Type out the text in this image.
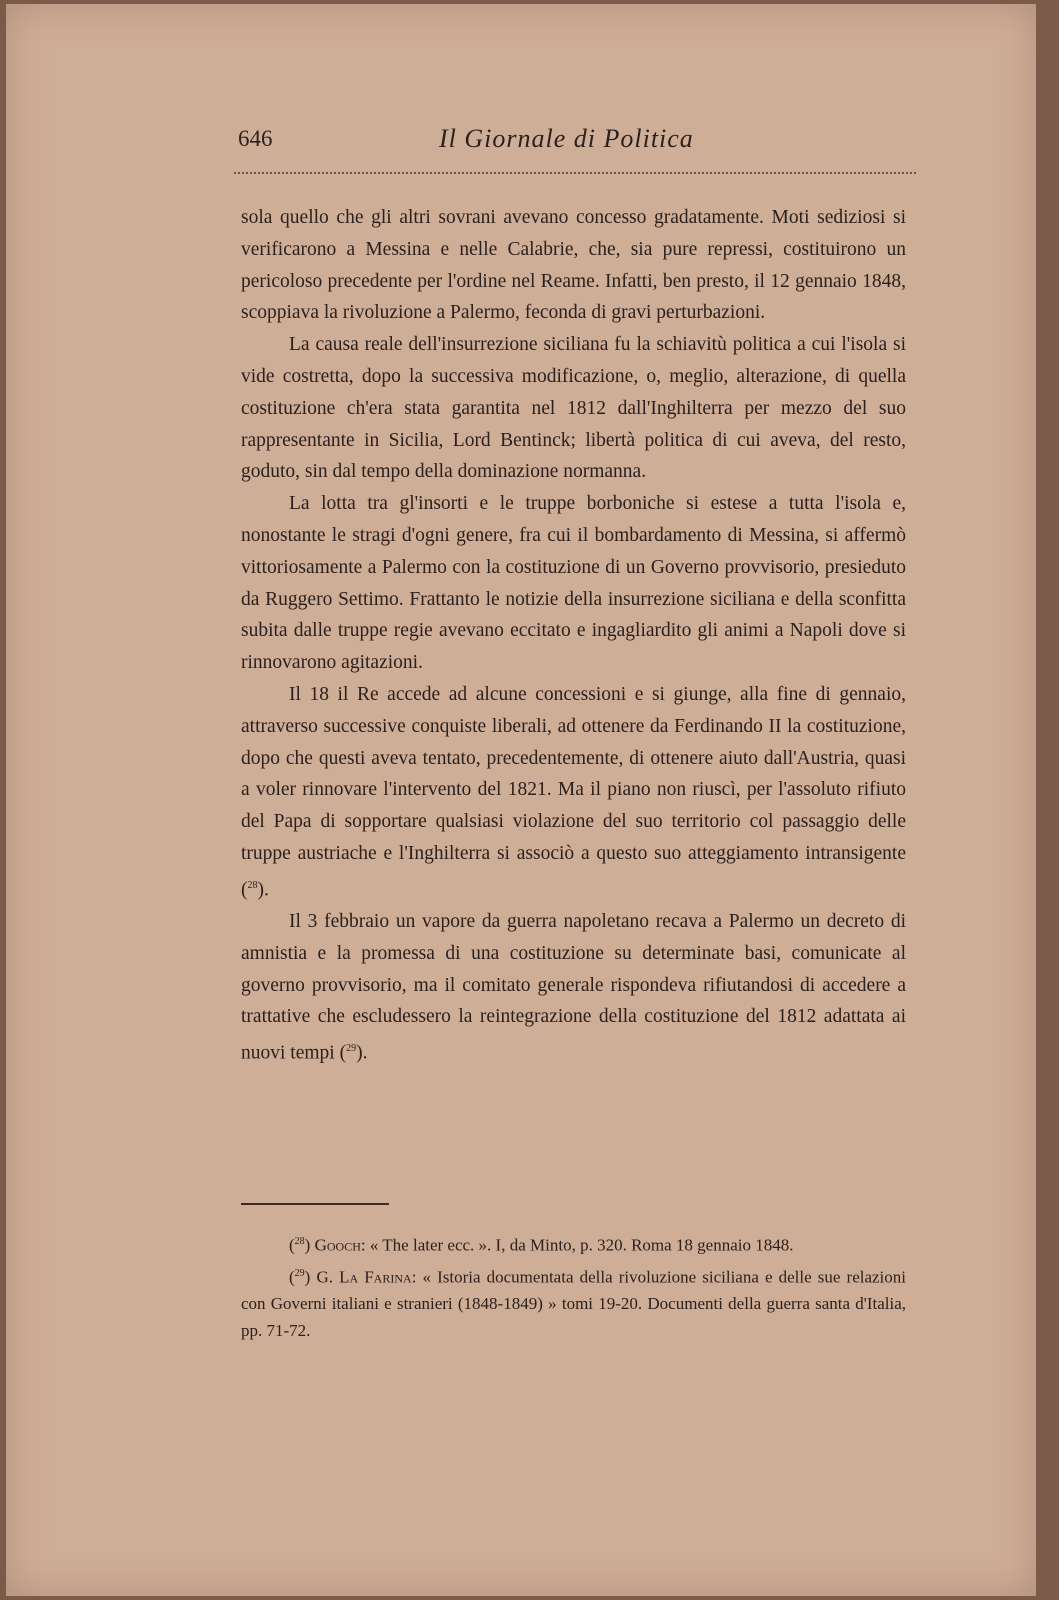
646	Il Giornale di Politica

sola quello che gli altri sovrani avevano concesso gradatamente. Moti sediziosi si verificarono a Messina e nelle Calabrie, che, sia pure repressi, costituirono un pericoloso precedente per l'ordine nel Reame. Infatti, ben presto, il 12 gennaio 1848, scoppiava la rivoluzione a Palermo, feconda di gravi perturbazioni.

La causa reale dell'insurrezione siciliana fu la schiavitù politica a cui l'isola si vide costretta, dopo la successiva modificazione, o, meglio, alterazione, di quella costituzione ch'era stata garantita nel 1812 dall'Inghilterra per mezzo del suo rappresentante in Sicilia, Lord Bentinck; libertà politica di cui aveva, del resto, goduto, sin dal tempo della dominazione normanna.

La lotta tra gl'insorti e le truppe borboniche si estese a tutta l'isola e, nonostante le stragi d'ogni genere, fra cui il bombardamento di Messina, si affermò vittoriosamente a Palermo con la costituzione di un Governo provvisorio, presieduto da Ruggero Settimo. Frattanto le notizie della insurrezione siciliana e della sconfitta subita dalle truppe regie avevano eccitato e ingagliardito gli animi a Napoli dove si rinnovarono agitazioni.

Il 18 il Re accede ad alcune concessioni e si giunge, alla fine di gennaio, attraverso successive conquiste liberali, ad ottenere da Ferdinando II la costituzione, dopo che questi aveva tentato, precedentemente, di ottenere aiuto dall'Austria, quasi a voler rinnovare l'intervento del 1821. Ma il piano non riuscì, per l'assoluto rifiuto del Papa di sopportare qualsiasi violazione del suo territorio col passaggio delle truppe austriache e l'Inghilterra si associò a questo suo atteggiamento intransigente ($^{28}$).

Il 3 febbraio un vapore da guerra napoletano recava a Palermo un decreto di amnistia e la promessa di una costituzione su determinate basi, comunicate al governo provvisorio, ma il comitato generale rispondeva rifiutandosi di accedere a trattative che escludessero la reintegrazione della costituzione del 1812 adattata ai nuovi tempi ($^{29}$).

($^{28}$) Gooch: « The later ecc. ». I, da Minto, p. 320. Roma 18 gennaio 1848.

($^{29}$) G. La Farina: « Istoria documentata della rivoluzione siciliana e delle sue relazioni con Governi italiani e stranieri (1848-1849) » tomi 19-20. Documenti della guerra santa d'Italia, pp. 71-72.
